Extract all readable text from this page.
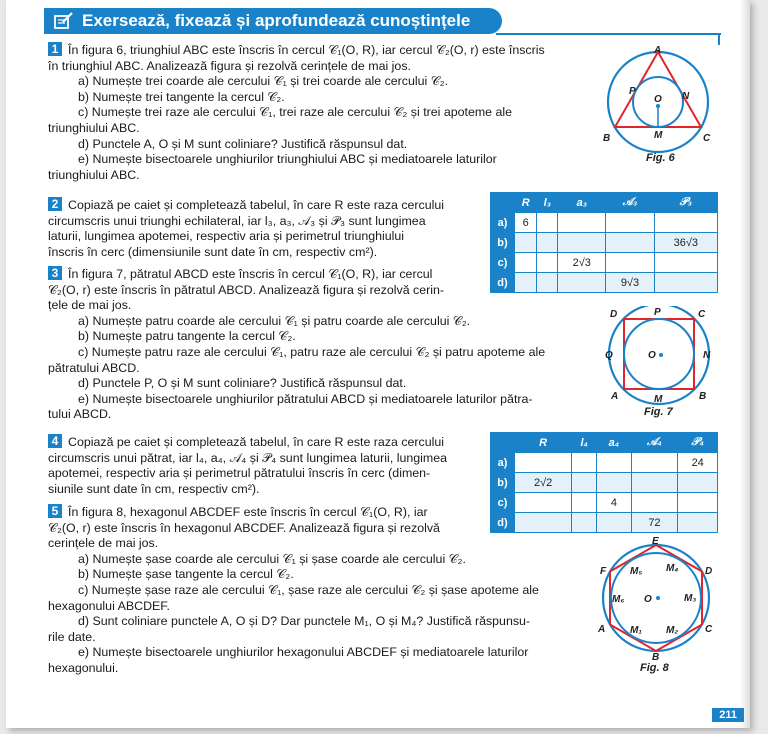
Exersează, fixează și aprofundează cunoștințele

1 În figura 6, triunghiul ABC este înscris în cercul 𝒞₁(O, R), iar cercul 𝒞₂(O, r) este înscris

în triunghiul ABC. Analizează figura și rezolvă cerințele de mai jos.

a) Numește trei coarde ale cercului 𝒞₁ și trei coarde ale cercului 𝒞₂.

b) Numește trei tangente la cercul 𝒞₂.

c) Numește trei raze ale cercului 𝒞₁, trei raze ale cercului 𝒞₂ și trei apoteme ale

triunghiului ABC.

d) Punctele A, O și M sunt coliniare? Justifică răspunsul dat.

e) Numește bisectoarele unghiurilor triunghiului ABC și mediatoarele laturilor

triunghiului ABC.

A
B	C
M
N
P
O
Fig. 6

2 Copiază pe caiet și completează tabelul, în care R este raza cercului

circumscris unui triunghi echilateral, iar l₃, a₃, 𝒜₃ și 𝒫₃ sunt lungimea

laturii, lungimea apotemei, respectiv aria și perimetrul triunghiului

înscris în cerc (dimensiunile sunt date în cm, respectiv cm²).

	R	l₃	a₃	𝒜₃	𝒫₃
a)	6				
b)					36√3
c)			2√3		
d)				9√3	

3 În figura 7, pătratul ABCD este înscris în cercul 𝒞₁(O, R), iar cercul

𝒞₂(O, r) este înscris în pătratul ABCD. Analizează figura și rezolvă cerin-

țele de mai jos.

a) Numește patru coarde ale cercului 𝒞₁ și patru coarde ale cercului 𝒞₂.

b) Numește patru tangente la cercul 𝒞₂.

c) Numește patru raze ale cercului 𝒞₁, patru raze ale cercului 𝒞₂ și patru apoteme ale

pătratului ABCD.

d) Punctele P, O și M sunt coliniare? Justifică răspunsul dat.

e) Numește bisectoarele unghiurilor pătratului ABCD și mediatoarele laturilor pătra-

tului ABCD.

D	C
A	B
P
M
Q	N
O
Fig. 7

4 Copiază pe caiet și completează tabelul, în care R este raza cercului

circumscris unui pătrat, iar l₄, a₄, 𝒜₄ și 𝒫₄ sunt lungimea laturii, lungimea

apotemei, respectiv aria și perimetrul pătratului înscris în cerc (dimen-

siunile sunt date în cm, respectiv cm²).

	R	l₄	a₄	𝒜₄	𝒫₄
a)					24
b)	2√2				
c)			4		
d)				72	

5 În figura 8, hexagonul ABCDEF este înscris în cercul 𝒞₁(O, R), iar

𝒞₂(O, r) este înscris în hexagonul ABCDEF. Analizează figura și rezolvă

cerințele de mai jos.

a) Numește șase coarde ale cercului 𝒞₁ și șase coarde ale cercului 𝒞₂.

b) Numește șase tangente la cercul 𝒞₂.

c) Numește șase raze ale cercului 𝒞₁, șase raze ale cercului 𝒞₂ și șase apoteme ale

hexagonului ABCDEF.

d) Sunt coliniare punctele A, O și D? Dar punctele M₁, O și M₄? Justifică răspunsu-

rile date.

e) Numește bisectoarele unghiurilor hexagonului ABCDEF și mediatoarele laturilor

hexagonului.

E
F	D
A	C
B
M₅ M₄
M₆	M₃
M₁ M₂
O
Fig. 8
211
